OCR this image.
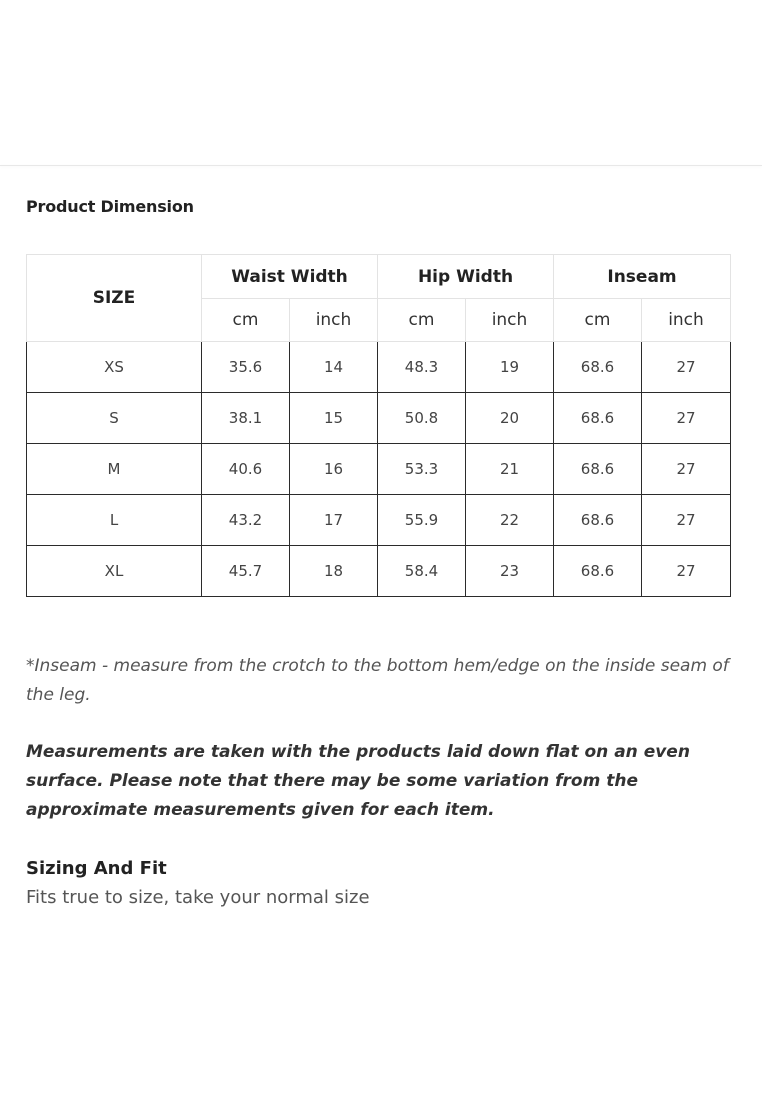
Product Dimension
SIZE	Waist Width		Hip Width		Inseam	
	cm	inch	cm	inch	cm	inch
XS	35.6	14	48.3	19	68.6	27
S	38.1	15	50.8	20	68.6	27
M	40.6	16	53.3	21	68.6	27
L	43.2	17	55.9	22	68.6	27
XL	45.7	18	58.4	23	68.6	27
*Inseam - measure from the crotch to the bottom hem/edge on the inside seam of the leg.
Measurements are taken with the products laid down flat on an even surface. Please note that there may be some variation from the approximate measurements given for each item.
Sizing And Fit
Fits true to size, take your normal size
